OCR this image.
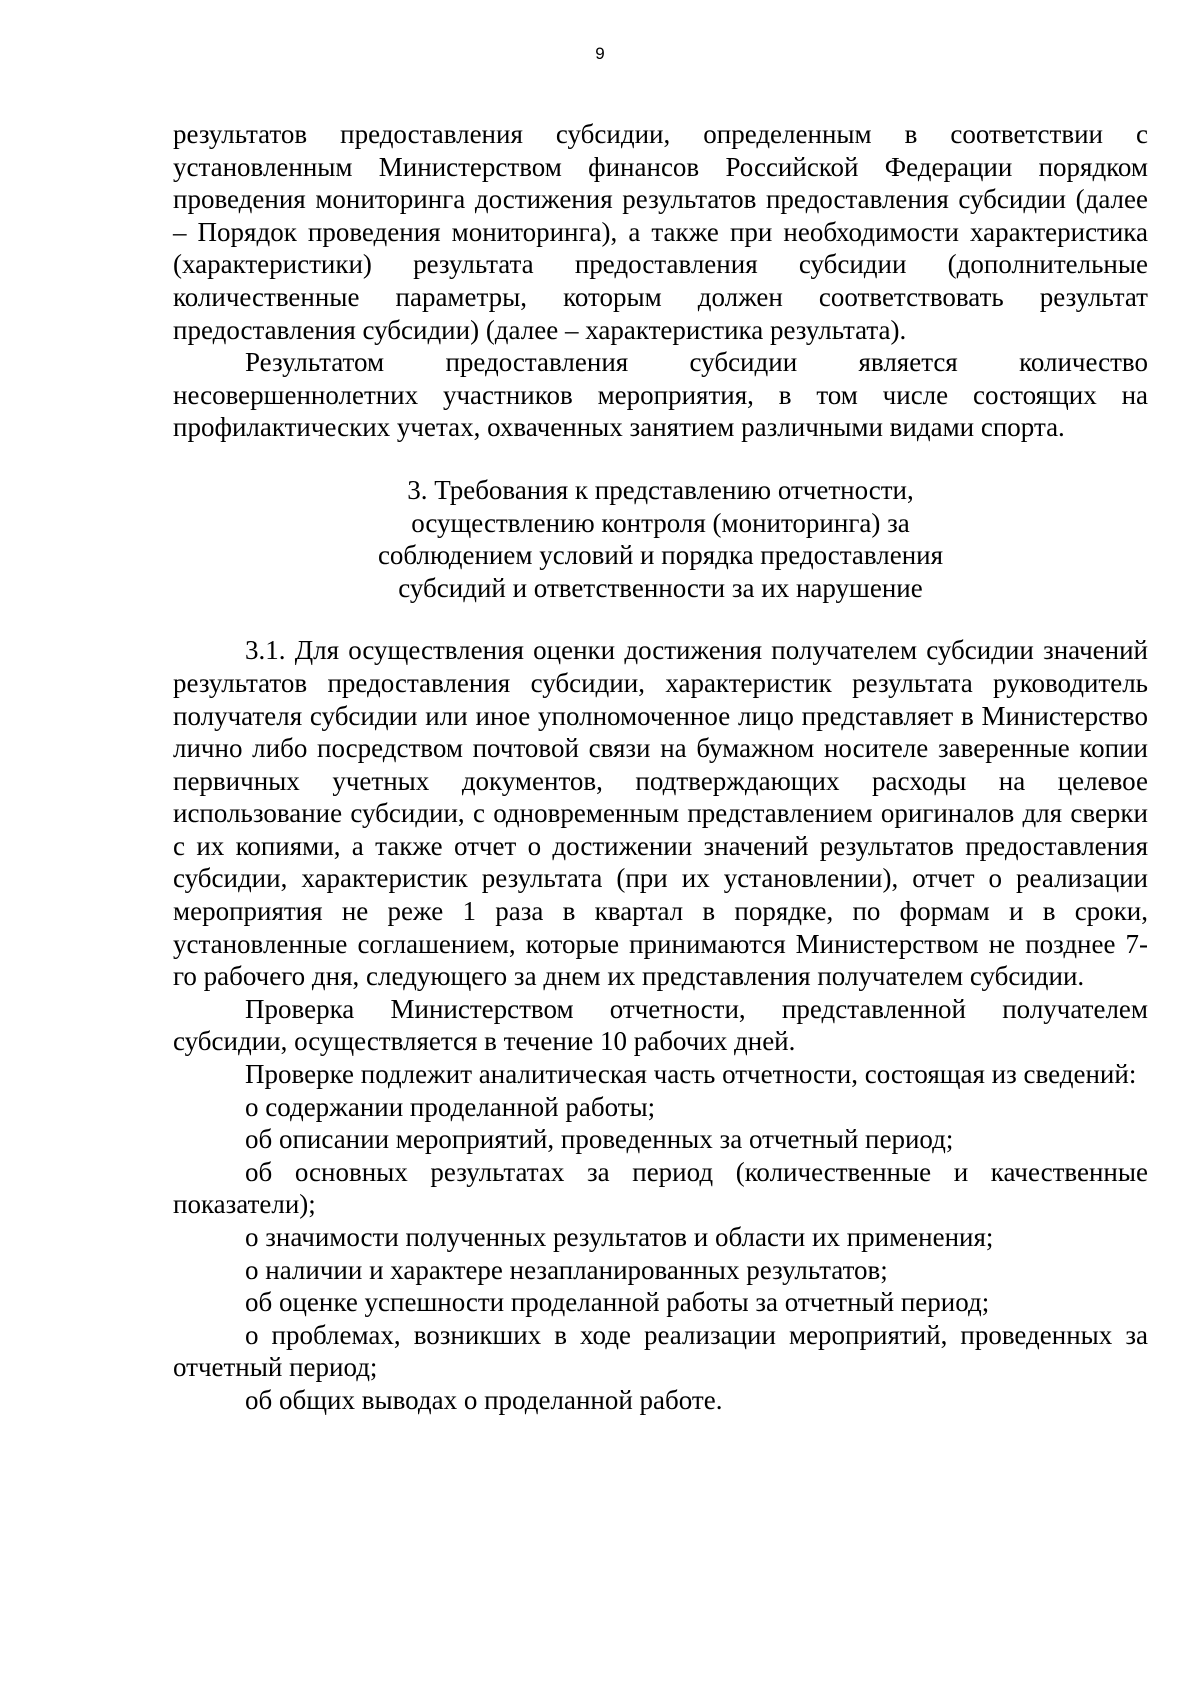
9

результатов предоставления субсидии, определенным в соответствии с установленным Министерством финансов Российской Федерации порядком проведения мониторинга достижения результатов предоставления субсидии (далее – Порядок проведения мониторинга), а также при необходимости характеристика (характеристики) результата предоставления субсидии (дополнительные количественные параметры, которым должен соответствовать результат предоставления субсидии) (далее – характеристика результата).

Результатом предоставления субсидии является количество несовершеннолетних участников мероприятия, в том числе состоящих на профилактических учетах, охваченных занятием различными видами спорта.

3. Требования к представлению отчетности,
осуществлению контроля (мониторинга) за
соблюдением условий и порядка предоставления
субсидий и ответственности за их нарушение

3.1. Для осуществления оценки достижения получателем субсидии значений результатов предоставления субсидии, характеристик результата руководитель получателя субсидии или иное уполномоченное лицо представляет в Министерство лично либо посредством почтовой связи на бумажном носителе заверенные копии первичных учетных документов, подтверждающих расходы на целевое использование субсидии, с одновременным представлением оригиналов для сверки с их копиями, а также отчет о достижении значений результатов предоставления субсидии, характеристик результата (при их установлении), отчет о реализации мероприятия не реже 1 раза в квартал в порядке, по формам и в сроки, установленные соглашением, которые принимаются Министерством не позднее 7-го рабочего дня, следующего за днем их представления получателем субсидии.

Проверка Министерством отчетности, представленной получателем субсидии, осуществляется в течение 10 рабочих дней.

Проверке подлежит аналитическая часть отчетности, состоящая из сведений:

о содержании проделанной работы;

об описании мероприятий, проведенных за отчетный период;

об основных результатах за период (количественные и качественные показатели);

о значимости полученных результатов и области их применения;

о наличии и характере незапланированных результатов;

об оценке успешности проделанной работы за отчетный период;

о проблемах, возникших в ходе реализации мероприятий, проведенных за отчетный период;

об общих выводах о проделанной работе.
